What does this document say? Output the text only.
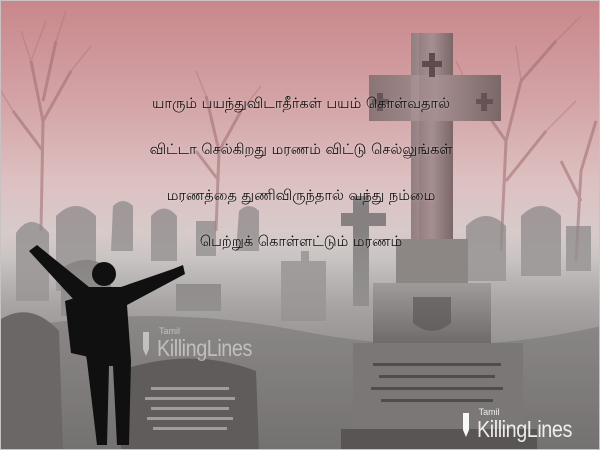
யாரும் பயந்துவிடாதீர்கள் பயம் கொள்வதால்
விட்டா செல்கிறது மரணம் விட்டு செல்லுங்கள்
மரணத்தை துணிவிருந்தால் வந்து நம்மை
பெற்றுக் கொள்ளட்டும் மரணம்
Tamil
KillingLines
Tamil
KillingLines
